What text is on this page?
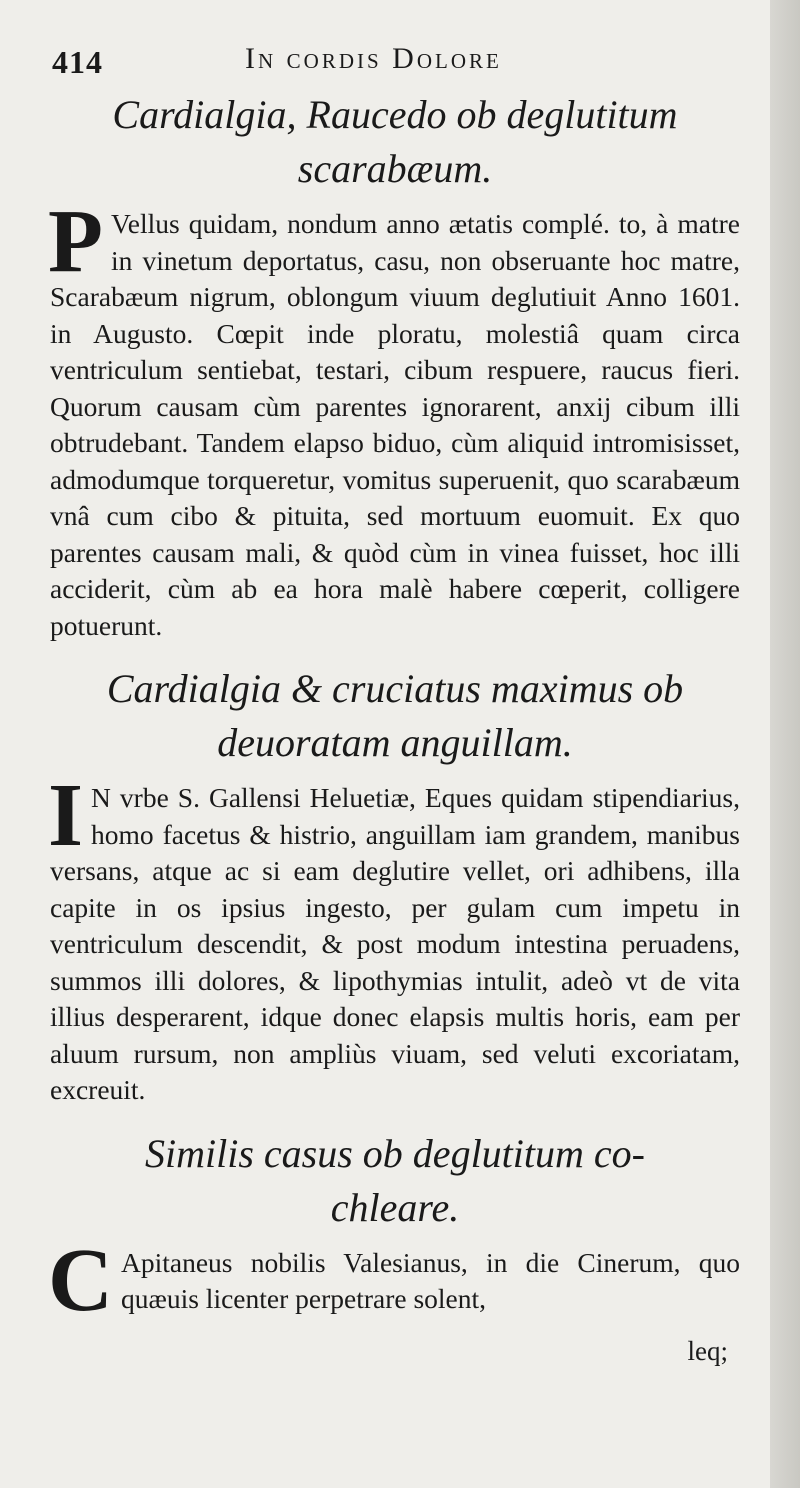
414	In cordis Dolore
Cardialgia, Raucedo ob deglutitum
scarabæum.

P Vellus quidam, nondum anno ætatis complé. to, à matre in vinetum deportatus, casu, non obseruante hoc matre, Scarabæum nigrum, oblongum viuum deglutiuit Anno 1601. in Augusto. Cœpit inde ploratu, molestiâ quam circa ventriculum sentiebat, testari, cibum respuere, raucus fieri. Quorum causam cùm parentes ignorarent, anxij cibum illi obtrudebant. Tandem elapso biduo, cùm aliquid intromisisset, admodumque torqueretur, vomitus superuenit, quo scarabæum vnâ cum cibo & pituita, sed mortuum euomuit. Ex quo parentes causam mali, & quòd cùm in vinea fuisset, hoc illi acciderit, cùm ab ea hora malè habere cœperit, colligere potuerunt.

Cardialgia & cruciatus maximus ob
deuoratam anguillam.

I N vrbe S. Gallensi Heluetiæ, Eques quidam stipendiarius, homo facetus & histrio, anguillam iam grandem, manibus versans, atque ac si eam deglutire vellet, ori adhibens, illa capite in os ipsius ingesto, per gulam cum impetu in ventriculum descendit, & post modum intestina peruadens, summos illi dolores, & lipothymias intulit, adeò vt de vita illius desperarent, idque donec elapsis multis horis, eam per aluum rursum, non ampliùs viuam, sed veluti excoriatam, excreuit.

Similis casus ob deglutitum co-
chleare.

C Apitaneus nobilis Valesianus, in die Cinerum, quo quæuis licenter perpetrare solent,

leq;
